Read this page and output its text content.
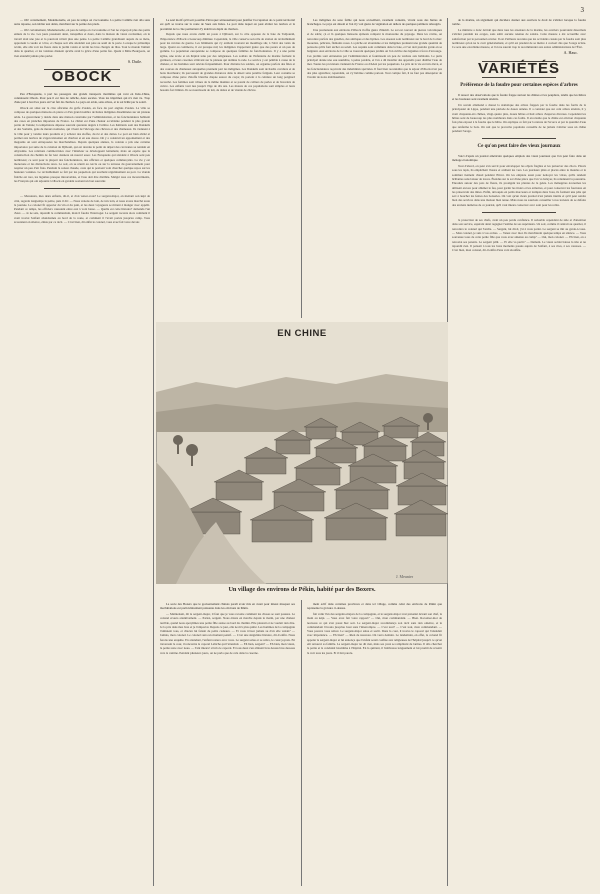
3

— Oh! certainement, Mademoiselle, en peu de temps on s'accoutume. La petite Camille s'en alla sans autre réponse, son tablier aux dents, marchant sur la pointe des pieds.

— Oh! certainement, Mademoiselle, en peu de temps on s'accoutume et l'on ne s'aperçoit plus des petits ennuis de la vie. Les jours passèrent ainsi, tranquilles et doux, dans la maison du vieux cordonnier, où le travail était une joie et la pauvreté n'était plus une peine. La petite Camille grandissait auprès de sa mère, apprenant à coudre et à lire, et chaque soir elle attendait son père au seuil de la porte. Lorsque le printemps revint, elle alla voir les fleurs dans le jardin voisin et revint les bras chargés de lilas. Tout le monde l'aimait dans le quartier, et les voisines disaient qu'elle avait la grâce d'une petite fée. Quant à Mme Bourgeois, on n'en entendit jamais plus parler.

S. Dutle.
OBOCK

Peu d'Européens, à part les passagers des grands transports maritimes qui vont en Indo-Chine, connaissent Obock. Pour peu il est lieu de relâche, deux escales. Vous les imprimez qui n'a rien vu. Trop d'une part à bord les jours où l'on fait du charbon. Le pays est aride, sans arbres, et le sol brûlé par le soleil.

Obock est situé sur la côte africaine du golfe d'Aden, en face du port anglais d'Aden. La ville se compose de quelques maisons en pierre et d'un grand nombre de huttes indigènes disséminées sur un plateau aride. Le gouverneur y réside dans une maison construite par l'administration, et les fonctionnaires habitent des cases en planches importées de France. Le climat est d'une chaleur accablante pendant la plus grande partie de l'année; la température dépasse souvent quarante degrés à l'ombre. Les habitants sont des Danakils et des Somalis, gens de mœurs nomades, qui vivent de l'élevage des chèvres et des chameaux. Ils viennent à la ville pour y vendre leurs produits et y acheter des étoffes, du riz et des dattes. Le port est bien abrité et permet aux navires de s'approvisionner en charbon et en eau douce. On y a construit un appontement et des magasins où sont entreposées les marchandises. Depuis quelques années, la colonie a pris une certaine importance par suite de la création de Djibouti, qui est devenu le point de départ des caravanes se rendant en Abyssinie. Les relations commerciales avec l'intérieur se développent lentement, mais on espère que la construction du chemin de fer leur donnera un nouvel essor. Les Européens qui résident à Obock sont peu nombreux; ce sont pour la plupart des fonctionnaires, des officiers et quelques commerçants. La vie y est monotone et les distractions rares. Le soir, on se réunit au cercle ou sur la terrasse du gouvernement pour respirer un peu d'air frais. Pendant la saison chaude, ceux qui le peuvent vont chercher quelque repos sur les hauteurs voisines. Le ravitaillement se fait par les paquebots qui touchent régulièrement au port. La viande fraîche est rare, les légumes presque introuvables, et l'eau doit être distillée. Malgré tous ces inconvénients, les Français qui ont séjourné à Obock en gardent souvent un bon souvenir.

— Messieurs, mes deux enfants, dit-il, et d'où venez-vous? Le sergent-major, en mettant son képi de côté, regarda longtemps la petite, puis il dit: — Nous venons de loin, de très loin, et nous avons marché toute la journée. Le colonel fit apporter du vin et du pain, et les deux voyageurs se mirent à manger avec appétit. Pendant ce temps, les officiers causaient entre eux à voix basse. — Quelle est cette histoire? demanda l'un d'eux. — Je ne sais, répondit le commandant, mais il faudra l'interroger. Le sergent raconta alors comment il avait trouvé l'enfant abandonnée au bord de la route, et comment il l'avait portée jusqu'au camp. Tous écoutaient en silence, émus par ce récit. — C'est bien, dit enfin le colonel, vous avez fait votre devoir.

Le seul motif qu'il soit possible d'invoquer sérieusement pour justifier l'occupation de ce point territorial est qu'il se trouve sur la route de Suez aux Indes. Le port dans lequel on peut abriter les navires et la proximité de la côte permettent d'y établir un dépôt de charbon.

Depuis que nous avons établi un poste à Djibouti, sur la côte opposée de la baie de Tadjourah, l'importance d'Obock a beaucoup diminué. Cependant, la ville conserve son rôle de station de ravitaillement pour les navires de guerre. Les bâtiments qui s'y arrêtent trouvent un mouillage sûr, à l'abri des vents du large. Quant au commerce, il est presque nul; les indigènes n'apportent guère que des peaux et un peu de gomme. La population européenne se compose de quelques familles de fonctionnaires. Il y a une petite église, une école et un hôpital tenu par des religieuses. Les soldats de l'infanterie de marine forment la garnison, et leurs casernes s'élèvent sur le plateau qui domine la rade. Le service y est pénible à cause de la chaleur, et les hommes sont relevés fréquemment. Pour distraire les soldats, on organise parfois des fêtes et des courses de chameaux auxquelles prennent part les indigènes. Les Danakils sont de hardis cavaliers et de bons marcheurs; ils parcourent de grandes distances dans le désert sans paraître fatigués. Leur costume se compose d'une pièce d'étoffe blanche drapée autour du corps; ils portent à la ceinture un long poignard recourbé. Les femmes sont vêtues de la même manière et se parent de colliers de perles et de bracelets de cuivre. Les enfants vont nus jusqu'à l'âge de dix ans. Les mœurs de ces populations sont simples et leurs besoins fort limités. Ils se nourrissent de lait, de dattes et de viande de chèvre.

Les indigènes du sexe faible qui nous accueillent, rarement contents, vivent sous des huttes de branchages. Le pays est désolé et l'on n'y voit guère de végétation en dehors de quelques palmiers rabougris.

Une promenade aux environs d'Obock n'offre guère d'intérêt. Le sol est couvert de pierres volcaniques et de sable; çà et là quelques buissons épineux rompent la monotonie du paysage. Dans les ravins, on rencontre parfois des gazelles, des antilopes et des hyènes. Les oiseaux sont nombreux sur le bord de la mer: mouettes, pélicans, flamants roses. La pêche est abondante et les indigènes prennent une grande quantité de poissons qu'ils font sécher au soleil. Les requins sont communs dans la baie, et l'on doit prendre garde en se baignant. Aux environs de la ville se trouvent quelques jardins où l'on cultive des légumes à force d'arrosage. Ces jardins sont entretenus par l'administration et fournissent un peu de verdure aux habitants. Le puits principal donne une eau saumâtre, à peine potable, et l'on a dû installer des appareils pour distiller l'eau de mer. Toutes les provisions viennent de France ou d'Aden par les paquebots. Le prix de la vie est très élevé, et les fonctionnaires reçoivent des indemnités spéciales. Il faut bien reconnaître que le séjour d'Obock n'est pas des plus agréables; cependant, on s'y habitue comme partout. Tout compte fait, il ne faut pas désespérer de l'avenir de notre établissement.

de la marine, un règlement qui décidera donner aux ouvriers le droit de s'abriter lorsque la foudre tombe.

Le ministre a donc décidé que dans tous les arsenaux de la marine, les ouvriers pourraient désormais s'abriter pendant les orages, sans subir aucune retenue de salaire. Cette mesure a été accueillie avec satisfaction par le personnel ouvrier. Il est d'ailleurs reconnu que les accidents causés par la foudre sont plus nombreux qu'on ne le croit généralement, et qu'il est prudent de se mettre à couvert dès que l'orage éclate. Ce sera une excellente mesure, et l'on ne saurait trop la recommander aux autres administrations de l'État.

A. Hauc.
VARIÉTÉS
Préférence de la foudre pour certaines espèces d'arbres

Il ressort des observations que la foudre frappe surtout les chênes et les peupliers, tandis que les hêtres et les bouleaux sont rarement atteints.

Un savant allemand a dressé la statistique des arbres frappés par la foudre dans les forêts de la principauté de Lippe, pendant une période de douze années. Il a constaté que sur cent arbres atteints, il y avait cinquante-six chênes, vingt-quatre pins, douze hêtres et huit arbres d'espèces diverses. Cependant les hêtres sont de beaucoup les plus nombreux dans ces forêts. Il en résulte que le chêne est environ cinquante fois plus exposé à la foudre que le hêtre. On explique ce fait par la nature de l'écorce et par la quantité d'eau que renferme le bois. On sait que le proverbe populaire conseille de ne jamais s'abriter sous un chêne pendant l'orage.

Ce qu'on peut faire des vieux journaux

Voici d'après un journal américain quelques emplois des vieux journaux que l'on peut faire dans un ménage économique.

Tout d'abord, on peut s'en servir pour envelopper les objets fragiles et les préserver des chocs. Placés sous les tapis, ils empêchent l'usure et arrêtent les vers. Les journaux pliés et placés entre le matelas et le sommier tiennent chaud pendant l'hiver. On les emploie aussi pour nettoyer les vitres, qu'ils rendent brillantes sans laisser de traces. Étendus sur le sol d'une pièce que l'on va balayer, ils retiennent la poussière. Enroulés autour des pots de fleurs, ils protègent les plantes de la gelée. Les ménagères économes les utilisent encore pour allumer le feu, pour garnir les tiroirs et les armoires, et pour conserver les fourrures en les préservant des mites. Enfin, découpés en petits morceaux et trempés dans l'eau, ils forment une pâte qui sert à boucher les fentes des boiseries. On voit qu'un vieux journal n'est jamais inutile et qu'il peut rendre bien des services dans une maison bien tenue. Mais nous ne saurions conseiller à nos lecteurs de se défaire des anciens numéros de ce journal, qu'il vaut mieux conserver avec soin pour les relire.

la protection de ses chefs, avait un peu perdu confiance. Il redoubla cependant de zèle et d'attention dans son service, espérant ainsi regagner l'estime de ses supérieurs. Un soir, comme il rentrait au quartier, il rencontra le colonel qui l'arrêta. — Sergent, lui dit-il, j'ai à vous parler. Le sergent se mit au garde-à-vous. — Mon colonel, je suis à vos ordres. — Venez avec moi. Ils marchèrent quelque temps en silence. — Vous souvenez-vous de cette petite fille que vous avez amenée au camp? — Oui, mon colonel. — Eh bien, on a retrouvé ses parents. Le sergent pâlit. — Et elle va partir? — Demain. Le vieux soldat baissa la tête et ne répondit rien. Il pensait à tous les bons moments passés auprès de l'enfant, à ses rires, à ses caresses. — C'est bien, mon colonel, dit-il enfin d'une voix étouffée.

J. Meunier
EN CHINE
Un village des environs de Pékin, habité par des Boxers.

La secte des Boxers que le gouvernement chinois paraît avoir mis en avant pour mieux masquer ses machinations est particulièrement puissante dans les environs de Pékin.

— Maintenant, dit le sergent-major, il faut que je vous raconte comment les choses se sont passées. Le colonel écouta attentivement. — Parlez, sergent. Nous étions en marche depuis le matin, par une chaleur terrible, quand nous aperçûmes une petite fille assise au bord du chemin. Elle pleurait et ne voulait rien dire. Je la pris dans mes bras et je l'emportai. Depuis ce jour, elle ne m'a plus quitté. Les hommes de la compagnie l'aimaient tous, et chacun lui faisait de petits cadeaux. — Et vous n'avez jamais su d'où elle venait? — Jamais, mon colonel. Le colonel resta un moment pensif. — C'est une singulière histoire, dit-il enfin. Nous ferons une enquête. En attendant, l'enfant restera avec vous. Le sergent salua et se retira, le cœur joyeux. En traversant la cour, il rencontra le caporal Labiche qui l'attendait. — Eh bien, sergent? — Eh bien, mon vieux, la petite reste avec nous. — Tant mieux! s'écria le caporal. Et tous deux s'en allèrent bras dessus bras dessous vers la cantine. Pendant plusieurs jours, on ne parla que de cela dans la caserne.

ment actif dans certaines provinces et dans tel village, comme celui des environs de Pékin que représente la gravure ci-dessus.

fait venir l'un des sergents-majors de la compagnie, et le sergent-major s'est présenté devant son chef, la main au képi. — Vous avez fait votre rapport? — Oui, mon commandant. — Bien. Racontez-moi de nouveau ce qui s'est passé hier soir. Le sergent-major recommença son récit sans rien omettre, et le commandant l'écouta jusqu'au bout sans l'interrompre. — C'est tout? — C'est tout, mon commandant. — Vous pouvez vous retirer. Le sergent-major salua et sortit. Dans la cour, il trouva le caporal qui l'attendait avec impatience. — Eh bien? — Rien de nouveau. On verra demain. Le lendemain, en effet, le colonel fit appeler le sergent-major et lui annonça que l'enfant serait confiée aux religieuses de l'hôpital jusqu'à ce qu'on eût retrouvé sa famille. Le sergent-major ne dit rien, mais ses yeux se remplirent de larmes. Il alla chercher la petite et la conduisit lui-même à l'hôpital. En la quittant, il l'embrassa longuement et lui promit de revenir la voir tous les jours. Et il tint parole.
